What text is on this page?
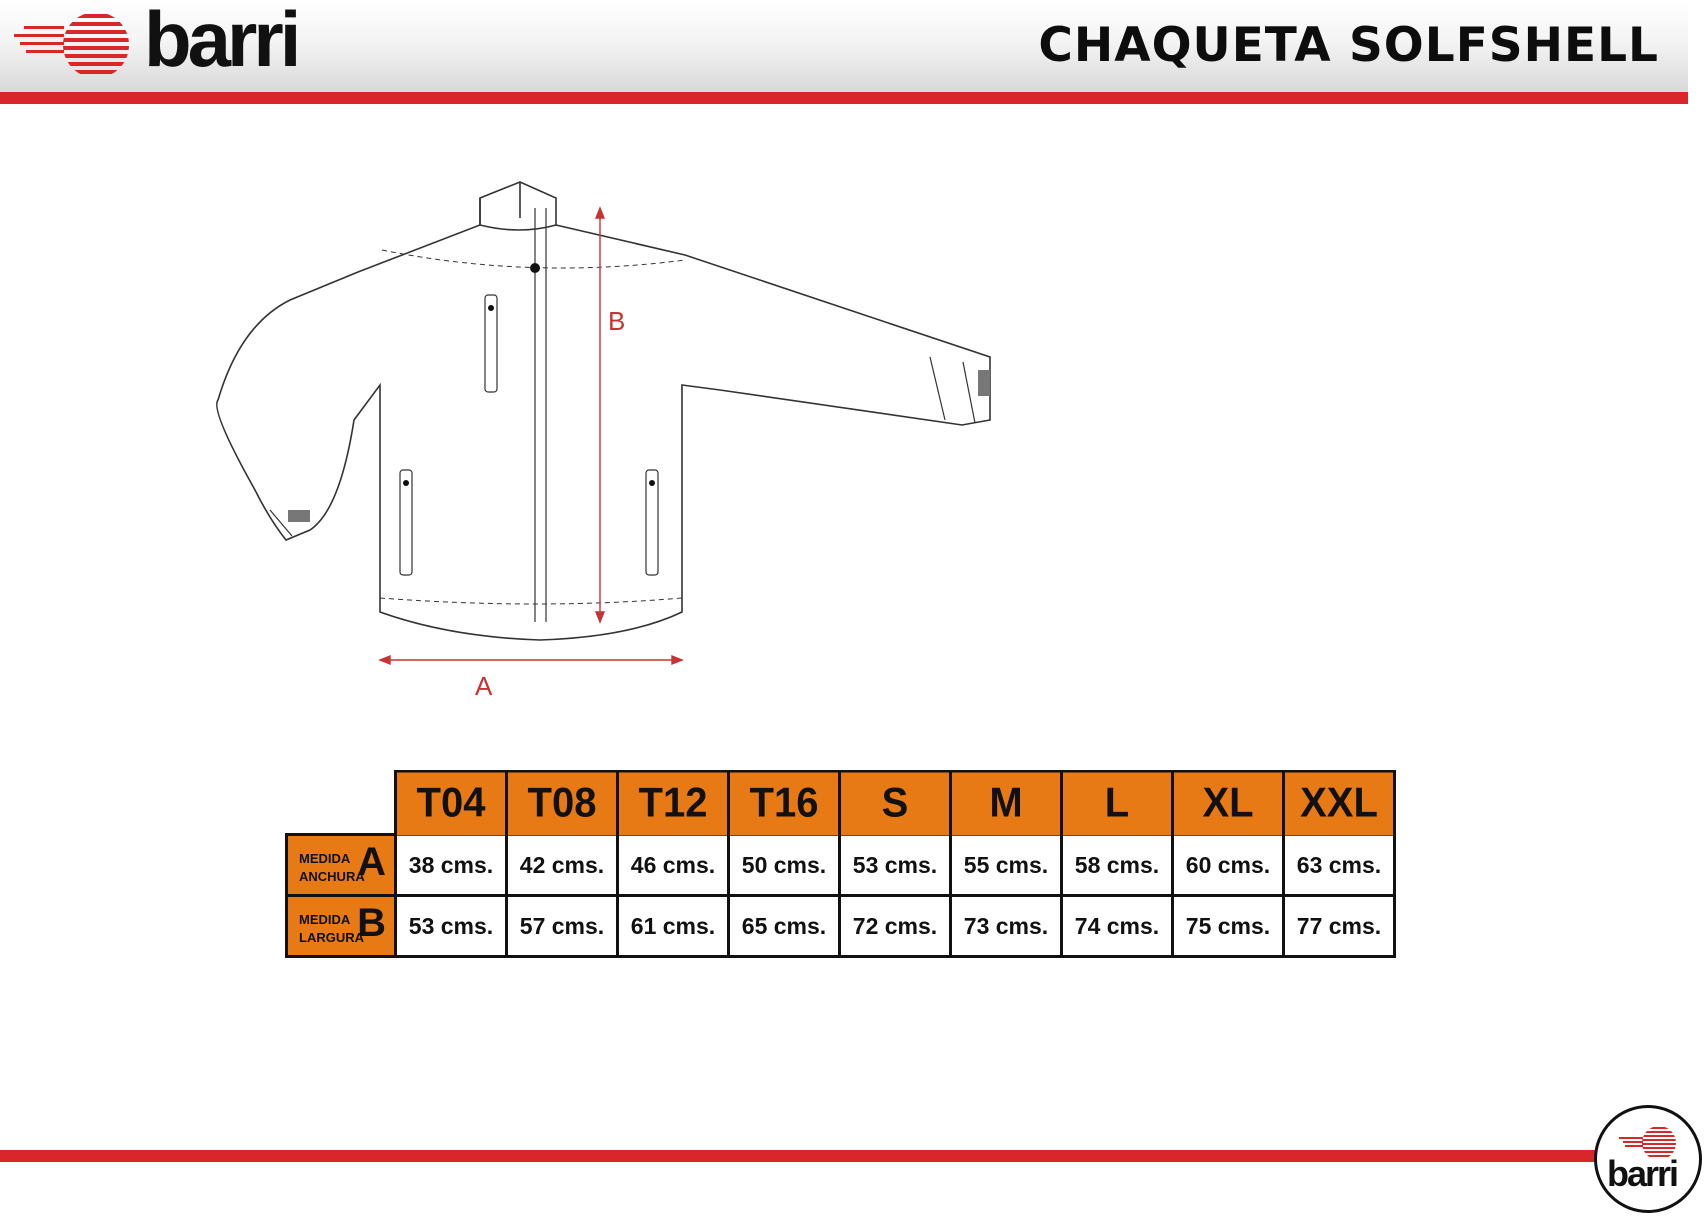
barri	CHAQUETA SOLFSHELL
B
A
	T04	T08	T12	T16	S	M	L	XL	XXL

MEDIDA
ANCHURA
A	38 cms.	42 cms.	46 cms.	50 cms.	53 cms.	55 cms.	58 cms.	60 cms.	63 cms.

MEDIDA
LARGURA
B	53 cms.	57 cms.	61 cms.	65 cms.	72 cms.	73 cms.	74 cms.	75 cms.	77 cms.
barri
